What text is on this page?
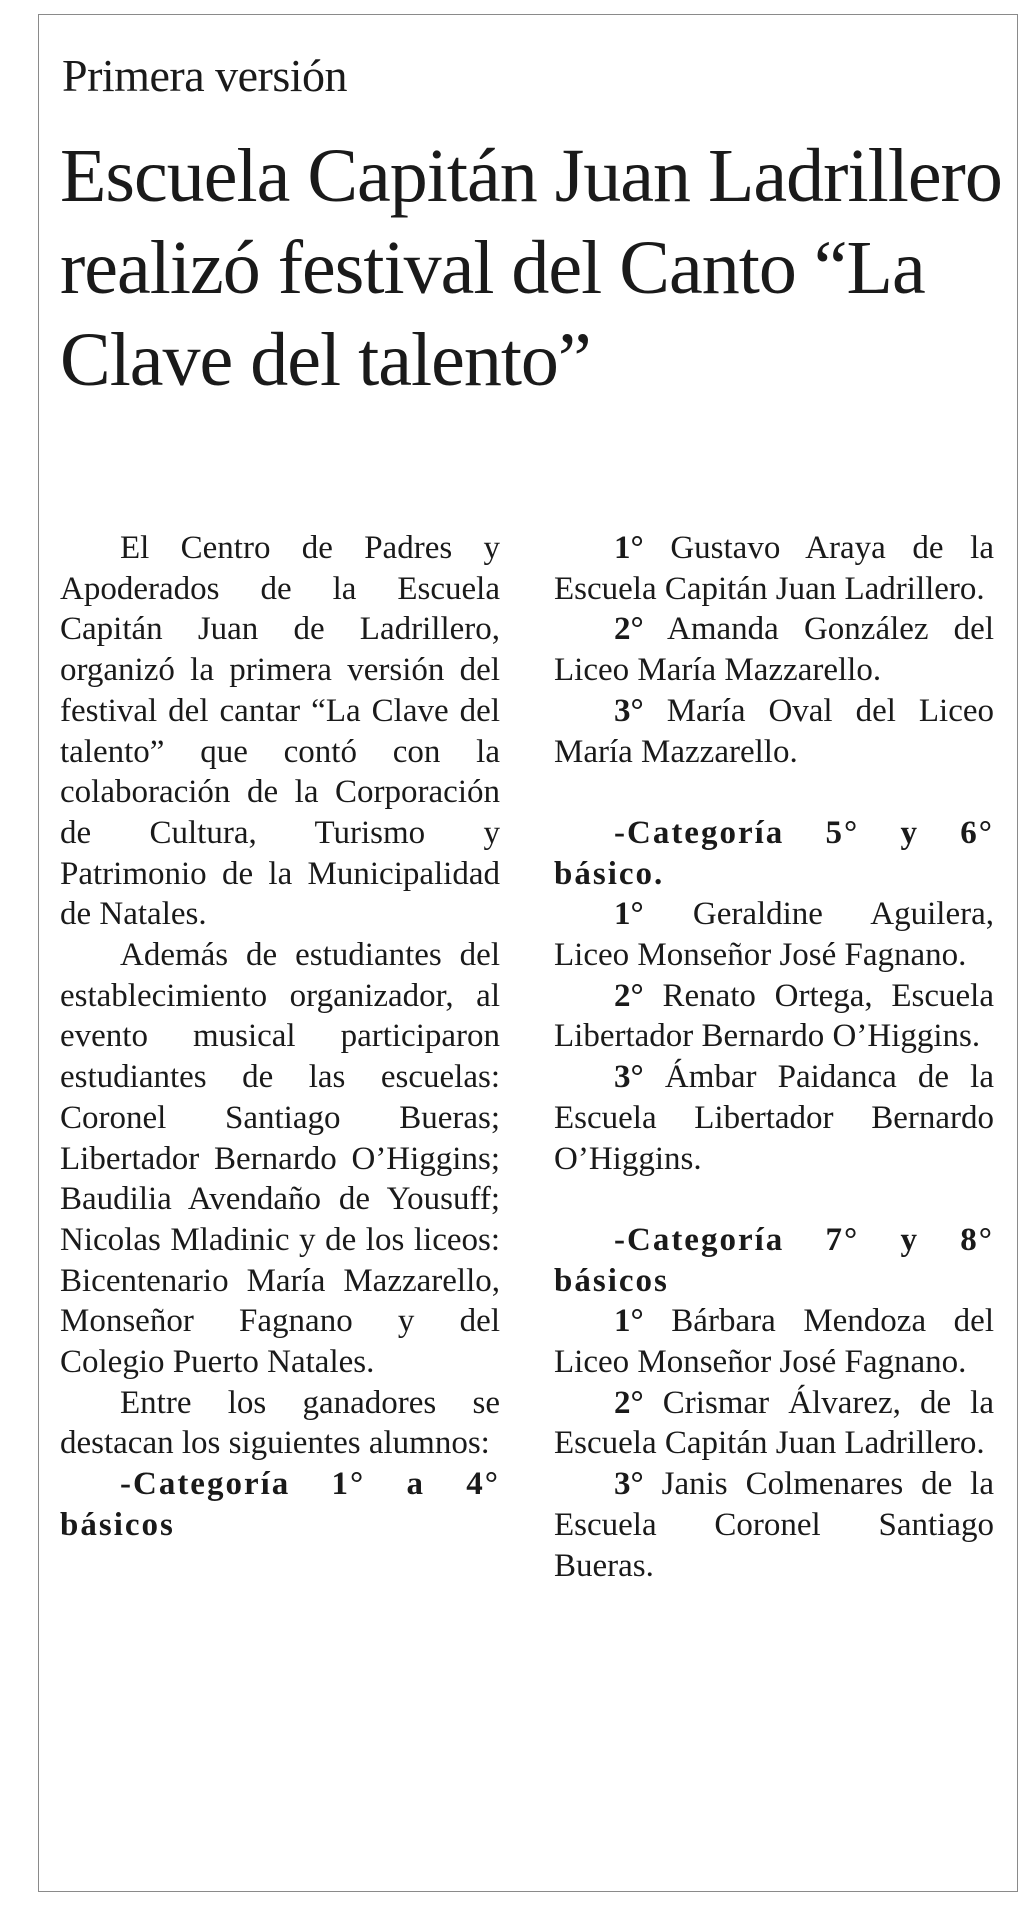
Primera versión
Escuela Capitán Juan Ladrillero realizó festival del Canto “La Clave del talento”

El Centro de Padres y Apoderados de la Escuela Capitán Juan de Ladrillero, organizó la primera versión del festival del cantar “La Clave del talento” que contó con la colaboración de la Corporación de Cultura, Turismo y Patrimonio de la Municipalidad de Natales.

Además de estudiantes del establecimiento organizador, al evento musical participaron estudiantes de las escuelas: Coronel Santiago Bueras; Libertador Bernardo O’Higgins; Baudilia Avendaño de Yousuff; Nicolas Mladinic y de los liceos: Bicentenario María Mazzarello, Monseñor Fagnano y del Colegio Puerto Natales.

Entre los ganadores se destacan los siguientes alumnos:

-Categoría 1° a 4° básicos

1° Gustavo Araya de la Escuela Capitán Juan Ladrillero.

2° Amanda González del Liceo María Mazzarello.

3° María Oval del Liceo María Mazzarello.

-Categoría 5° y 6° básico.

1° Geraldine Aguilera, Liceo Monseñor José Fagnano.

2° Renato Ortega, Escuela Libertador Bernardo O’Higgins.

3° Ámbar Paidanca de la Escuela Libertador Bernardo O’Higgins.

-Categoría 7° y 8° básicos

1° Bárbara Mendoza del Liceo Monseñor José Fagnano.

2° Crismar Álvarez, de la Escuela Capitán Juan Ladrillero.

3° Janis Colmenares de la Escuela Coronel Santiago Bueras.
